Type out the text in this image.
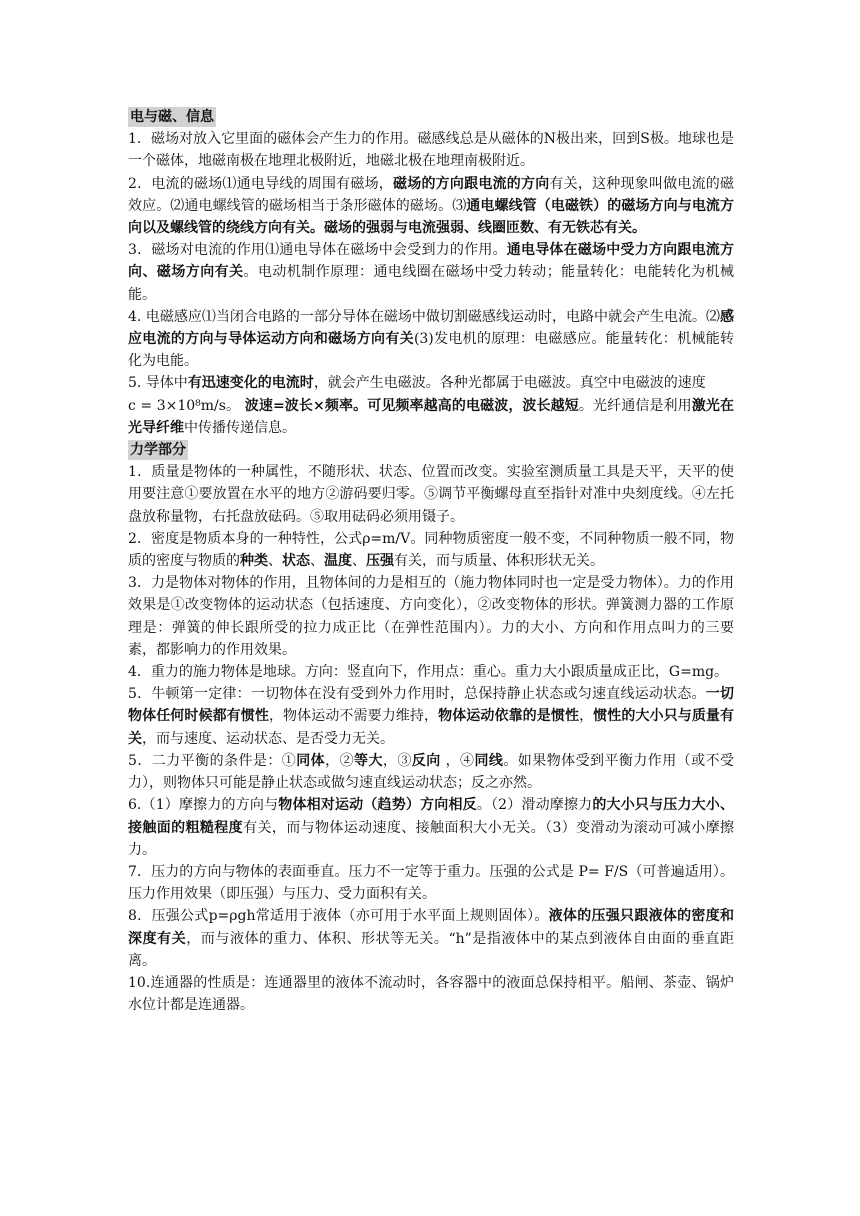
电与磁、信息

1．磁场对放入它里面的磁体会产生力的作用。磁感线总是从磁体的N极出来，回到S极。地球也是一个磁体，地磁南极在地理北极附近，地磁北极在地理南极附近。

2．电流的磁场⑴通电导线的周围有磁场，磁场的方向跟电流的方向有关，这种现象叫做电流的磁效应。⑵通电螺线管的磁场相当于条形磁体的磁场。⑶通电螺线管（电磁铁）的磁场方向与电流方向以及螺线管的绕线方向有关。磁场的强弱与电流强弱、线圈匝数、有无铁芯有关。

3．磁场对电流的作用⑴通电导体在磁场中会受到力的作用。通电导体在磁场中受力方向跟电流方向、磁场方向有关。电动机制作原理：通电线圈在磁场中受力转动；能量转化：电能转化为机械能。

4. 电磁感应⑴当闭合电路的一部分导体在磁场中做切割磁感线运动时，电路中就会产生电流。⑵感应电流的方向与导体运动方向和磁场方向有关(3)发电机的原理：电磁感应。能量转化：机械能转化为电能。

5. 导体中有迅速变化的电流时，就会产生电磁波。各种光都属于电磁波。真空中电磁波的速度

c = 3×10⁸m/s。 波速=波长×频率。可见频率越高的电磁波，波长越短。光纤通信是利用激光在光导纤维中传播传递信息。

力学部分

1．质量是物体的一种属性，不随形状、状态、位置而改变。实验室测质量工具是天平，天平的使用要注意①要放置在水平的地方②游码要归零。⑤调节平衡螺母直至指针对准中央刻度线。④左托盘放称量物，右托盘放砝码。⑤取用砝码必须用镊子。

2．密度是物质本身的一种特性，公式ρ=m/V。同种物质密度一般不变，不同种物质一般不同，物质的密度与物质的种类、状态、温度、压强有关，而与质量、体积形状无关。

3．力是物体对物体的作用，且物体间的力是相互的（施力物体同时也一定是受力物体）。力的作用效果是①改变物体的运动状态（包括速度、方向变化），②改变物体的形状。弹簧测力器的工作原理是：弹簧的伸长跟所受的拉力成正比（在弹性范围内）。力的大小、方向和作用点叫力的三要素，都影响力的作用效果。

4．重力的施力物体是地球。方向：竖直向下，作用点：重心。重力大小跟质量成正比，G=mg。

5．牛顿第一定律：一切物体在没有受到外力作用时，总保持静止状态或匀速直线运动状态。一切物体任何时候都有惯性，物体运动不需要力维持，物体运动依靠的是惯性，惯性的大小只与质量有关，而与速度、运动状态、是否受力无关。

5．二力平衡的条件是：①同体，②等大，③反向 ，④同线。如果物体受到平衡力作用（或不受力），则物体只可能是静止状态或做匀速直线运动状态；反之亦然。

6.（1）摩擦力的方向与物体相对运动（趋势）方向相反。（2）滑动摩擦力的大小只与压力大小、接触面的粗糙程度有关，而与物体运动速度、接触面积大小无关。（3）变滑动为滚动可减小摩擦力。

7．压力的方向与物体的表面垂直。压力不一定等于重力。压强的公式是 P= F/S（可普遍适用）。压力作用效果（即压强）与压力、受力面积有关。

8．压强公式p=ρgh常适用于液体（亦可用于水平面上规则固体）。液体的压强只跟液体的密度和深度有关，而与液体的重力、体积、形状等无关。“h”是指液体中的某点到液体自由面的垂直距离。

10.连通器的性质是：连通器里的液体不流动时，各容器中的液面总保持相平。船闸、茶壶、锅炉水位计都是连通器。
